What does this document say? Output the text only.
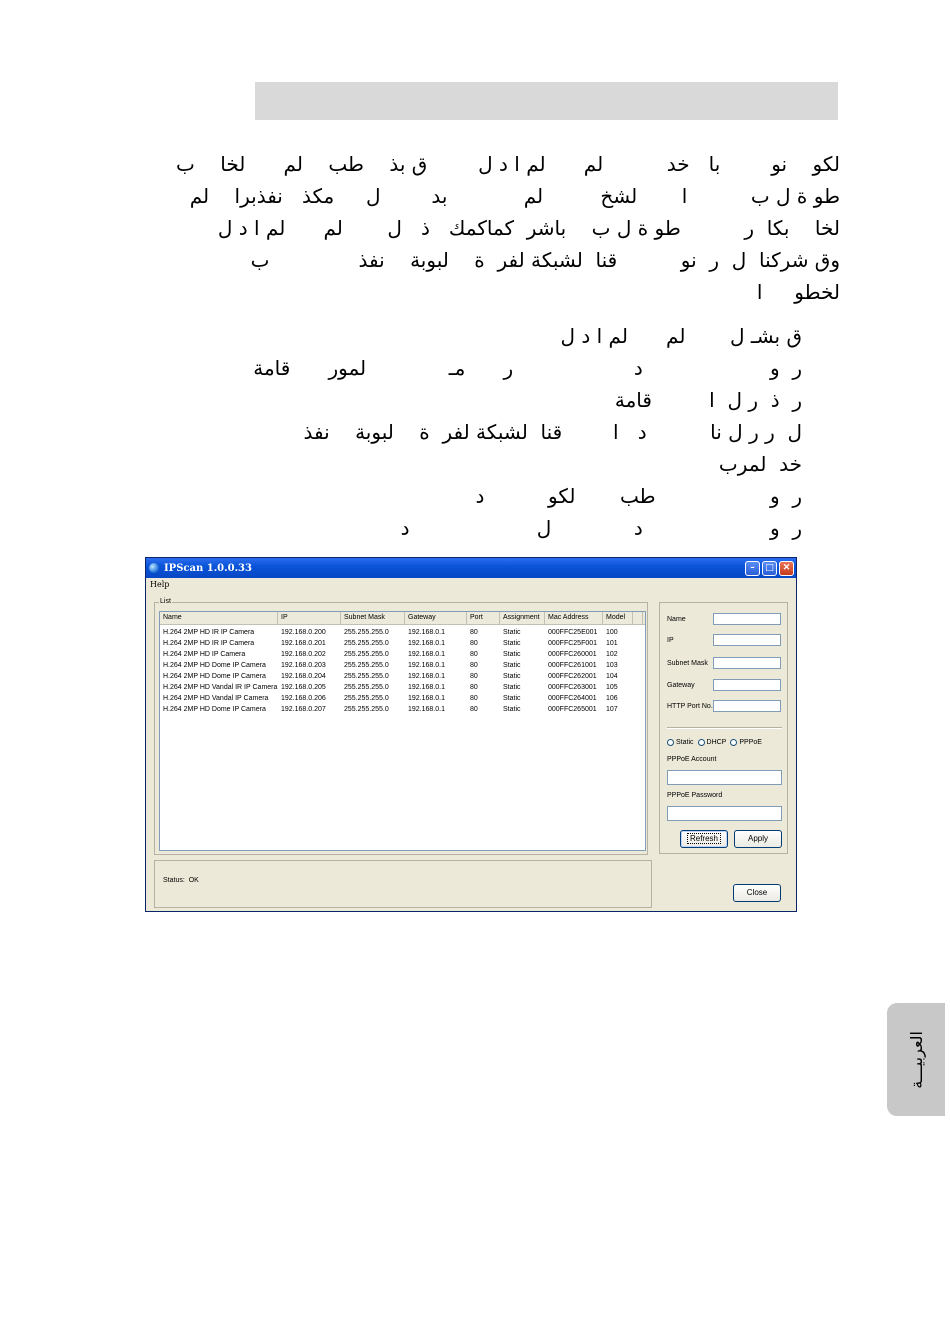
لكو    نو        با   خد          لم      لم ا د ل        ق بذ    طب    لم      لخا    ب
طو ة ل ب          ا       لشخ         لم            بد        ل     مكذ   نفذبرا    لم
لخا    بكا  ر          طو ة ل ب    باشر  كماكمك   ذ   ل       لم      لم ا د ل
وق شركنا  ل  ر  نو          قنا  لشبكة لفر  ة    لبوبة    نفذ              ب
لخطو     ا
ق بشـ ل       لم      لم ا د ل
ر  و                    د                   ر      مـ             لمور      قامة
ر  ذ  ر ل  ا         قامة
ل  ر ر ل نا          د   ا        قنا  لشبكة لفر  ة    لبوبة    نفذ
خد  لمرب
ر  و                  طب       لكو          د
ر  و                    د             ل                    د
IPScan 1.0.0.33	–	□ ✕
Help
List
Name	IP	Subnet Mask	Gateway	Port	Assignment	Mac Address	Model
H.264 2MP HD IR IP Camera	192.168.0.200	255.255.255.0	192.168.0.1	80	Static	000FFC25E001	100
H.264 2MP HD IR IP Camera	192.168.0.201	255.255.255.0	192.168.0.1	80	Static	000FFC25F001	101
H.264 2MP HD IP Camera	192.168.0.202	255.255.255.0	192.168.0.1	80	Static	000FFC260001	102
H.264 2MP HD Dome IP Camera	192.168.0.203	255.255.255.0	192.168.0.1	80	Static	000FFC261001	103
H.264 2MP HD Dome IP Camera	192.168.0.204	255.255.255.0	192.168.0.1	80	Static	000FFC262001	104
H.264 2MP HD Vandal IR IP Camera 192.168.0.205	255.255.255.0	192.168.0.1	80	Static	000FFC263001	105
H.264 2MP HD Vandal IP Camera	192.168.0.206	255.255.255.0	192.168.0.1	80	Static	000FFC264001	106
H.264 2MP HD Dome IP Camera	192.168.0.207	255.255.255.0	192.168.0.1	80	Static	000FFC265001	107
Name
IP
Subnet Mask
Gateway
HTTP Port No.
Static DHCP PPPoE
PPPoE Account
PPPoE Password
Refresh	Apply
Status: OK
Close
العربيـــة
